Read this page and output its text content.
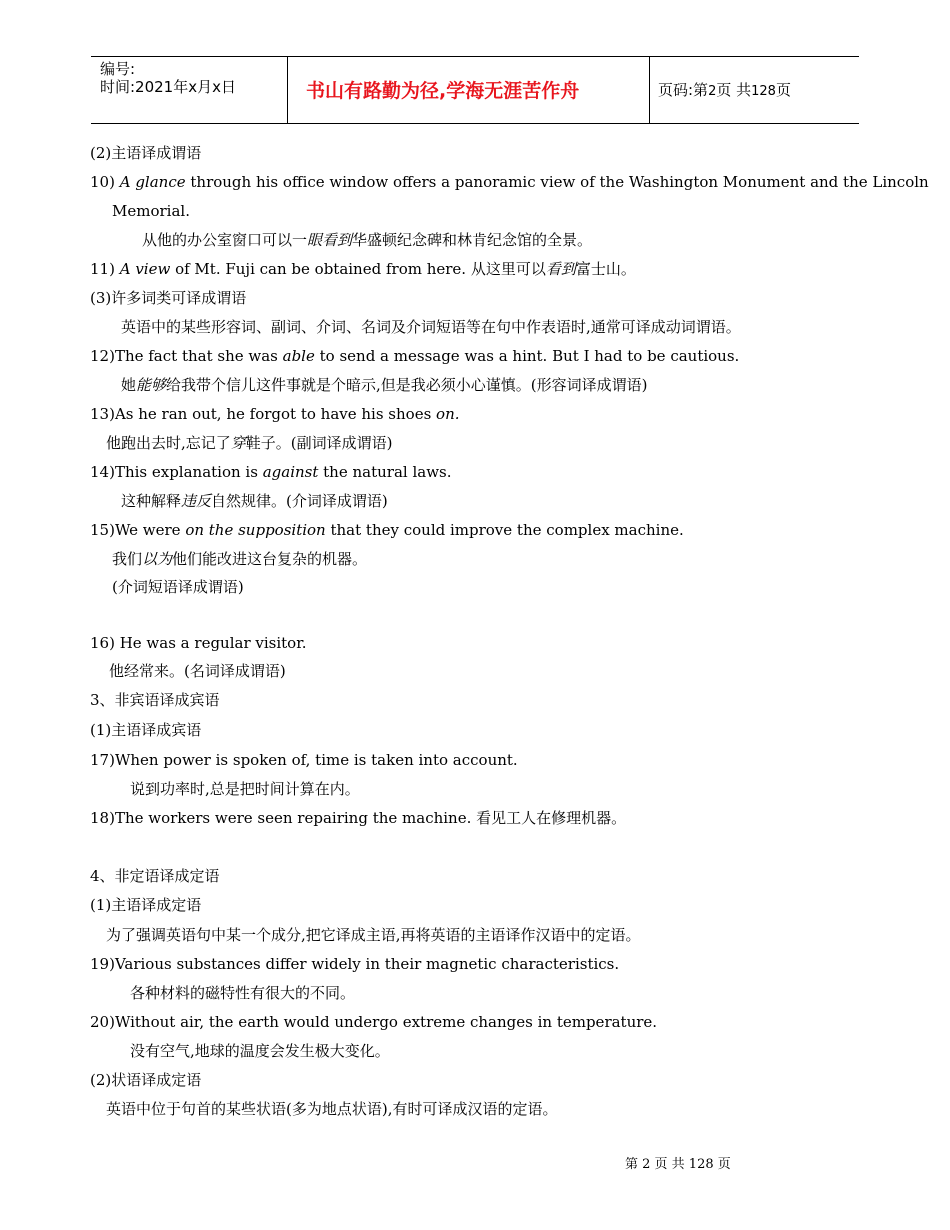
编号:
时间:2021年x月x日	书山有路勤为径,学海无涯苦作舟	页码:第2页 共128页
(2)主语译成谓语
10) A glance through his office window offers a panoramic view of the Washington Monument and the Lincoln
Memorial.
从他的办公室窗口可以一眼看到华盛顿纪念碑和林肯纪念馆的全景。
11) A view of Mt. Fuji can be obtained from here. 从这里可以看到富士山。
(3)许多词类可译成谓语
英语中的某些形容词、副词、介词、名词及介词短语等在句中作表语时,通常可译成动词谓语。
12)The fact that she was able to send a message was a hint. But I had to be cautious.
她能够给我带个信儿这件事就是个暗示,但是我必须小心谨慎。(形容词译成谓语)
13)As he ran out, he forgot to have his shoes on.
他跑出去时,忘记了穿鞋子。(副词译成谓语)
14)This explanation is against the natural laws.
这种解释违反自然规律。(介词译成谓语)
15)We were on the supposition that they could improve the complex machine.
我们以为他们能改进这台复杂的机器。
(介词短语译成谓语)
16) He was a regular visitor.
他经常来。(名词译成谓语)
3、非宾语译成宾语
(1)主语译成宾语
17)When power is spoken of, time is taken into account.
说到功率时,总是把时间计算在内。
18)The workers were seen repairing the machine. 看见工人在修理机器。
4、非定语译成定语
(1)主语译成定语
为了强调英语句中某一个成分,把它译成主语,再将英语的主语译作汉语中的定语。
19)Various substances differ widely in their magnetic characteristics.
各种材料的磁特性有很大的不同。
20)Without air, the earth would undergo extreme changes in temperature.
没有空气,地球的温度会发生极大变化。
(2)状语译成定语
英语中位于句首的某些状语(多为地点状语),有时可译成汉语的定语。
第 2 页 共 128 页
